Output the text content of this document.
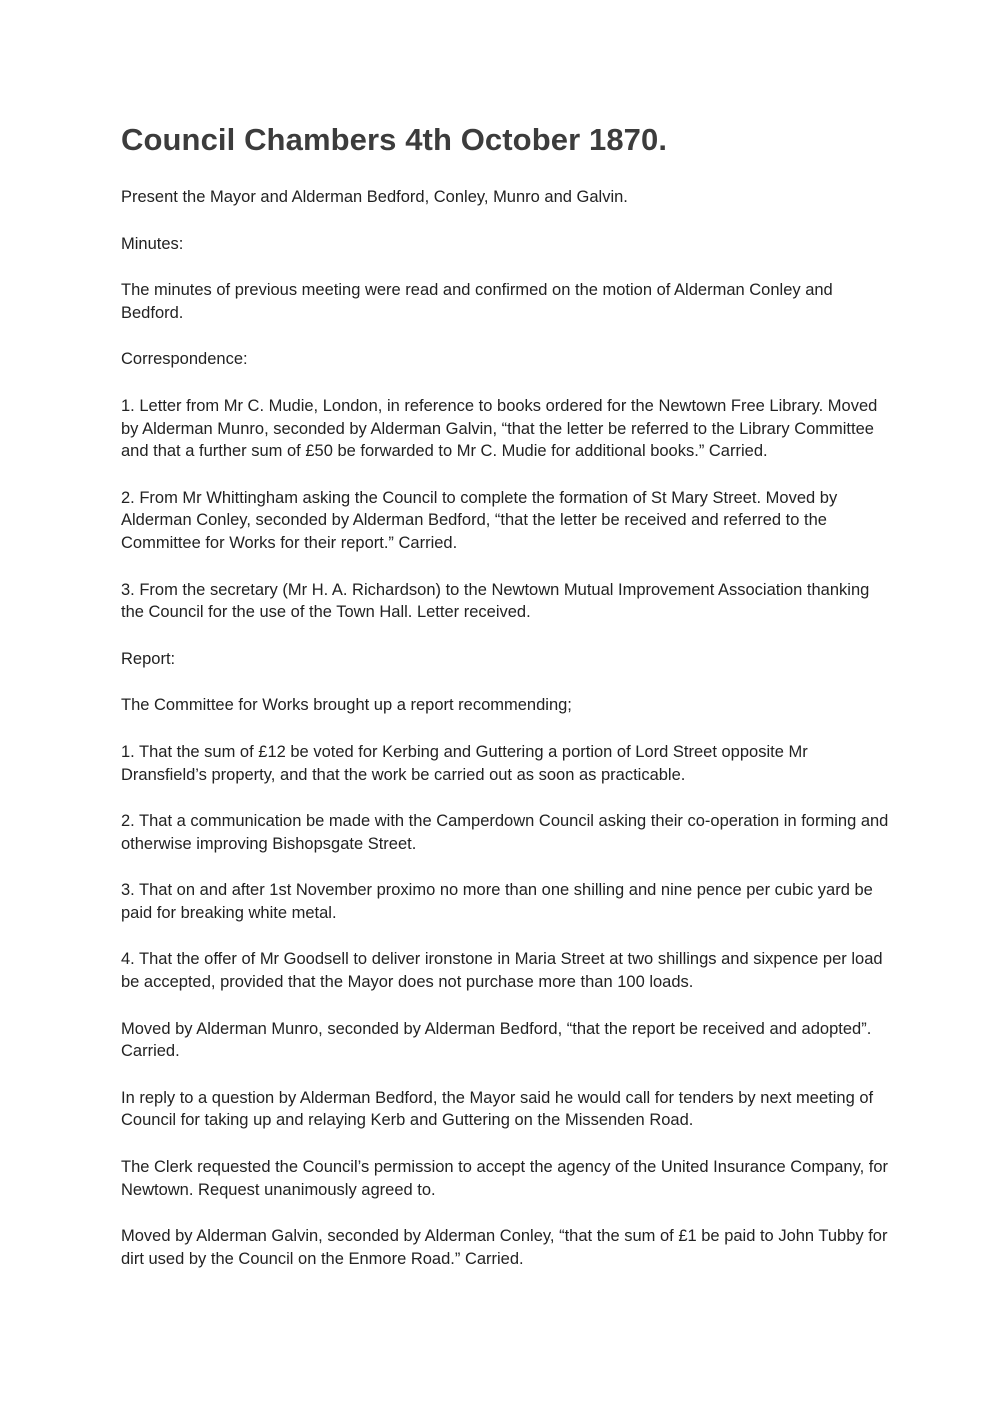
Council Chambers 4th October 1870.

Present the Mayor and Alderman Bedford, Conley, Munro and Galvin.

Minutes:

The minutes of previous meeting were read and confirmed on the motion of Alderman Conley and Bedford.

Correspondence:

1. Letter from Mr C. Mudie, London, in reference to books ordered for the Newtown Free Library. Moved by Alderman Munro, seconded by Alderman Galvin, “that the letter be referred to the Library Committee and that a further sum of £50 be forwarded to Mr C. Mudie for additional books.” Carried.

2. From Mr Whittingham asking the Council to complete the formation of St Mary Street. Moved by Alderman Conley, seconded by Alderman Bedford, “that the letter be received and referred to the Committee for Works for their report.” Carried.

3. From the secretary (Mr H. A. Richardson) to the Newtown Mutual Improvement Association thanking the Council for the use of the Town Hall. Letter received.

Report:

The Committee for Works brought up a report recommending;

1. That the sum of £12 be voted for Kerbing and Guttering a portion of Lord Street opposite Mr Dransfield’s property, and that the work be carried out as soon as practicable.

2. That a communication be made with the Camperdown Council asking their co-operation in forming and otherwise improving Bishopsgate Street.

3. That on and after 1st November proximo no more than one shilling and nine pence per cubic yard be paid for breaking white metal.

4. That the offer of Mr Goodsell to deliver ironstone in Maria Street at two shillings and sixpence per load be accepted, provided that the Mayor does not purchase more than 100 loads.

Moved by Alderman Munro, seconded by Alderman Bedford, “that the report be received and adopted”. Carried.

In reply to a question by Alderman Bedford, the Mayor said he would call for tenders by next meeting of Council for taking up and relaying Kerb and Guttering on the Missenden Road.

The Clerk requested the Council’s permission to accept the agency of the United Insurance Company, for Newtown. Request unanimously agreed to.

Moved by Alderman Galvin, seconded by Alderman Conley, “that the sum of £1 be paid to John Tubby for dirt used by the Council on the Enmore Road.” Carried.
